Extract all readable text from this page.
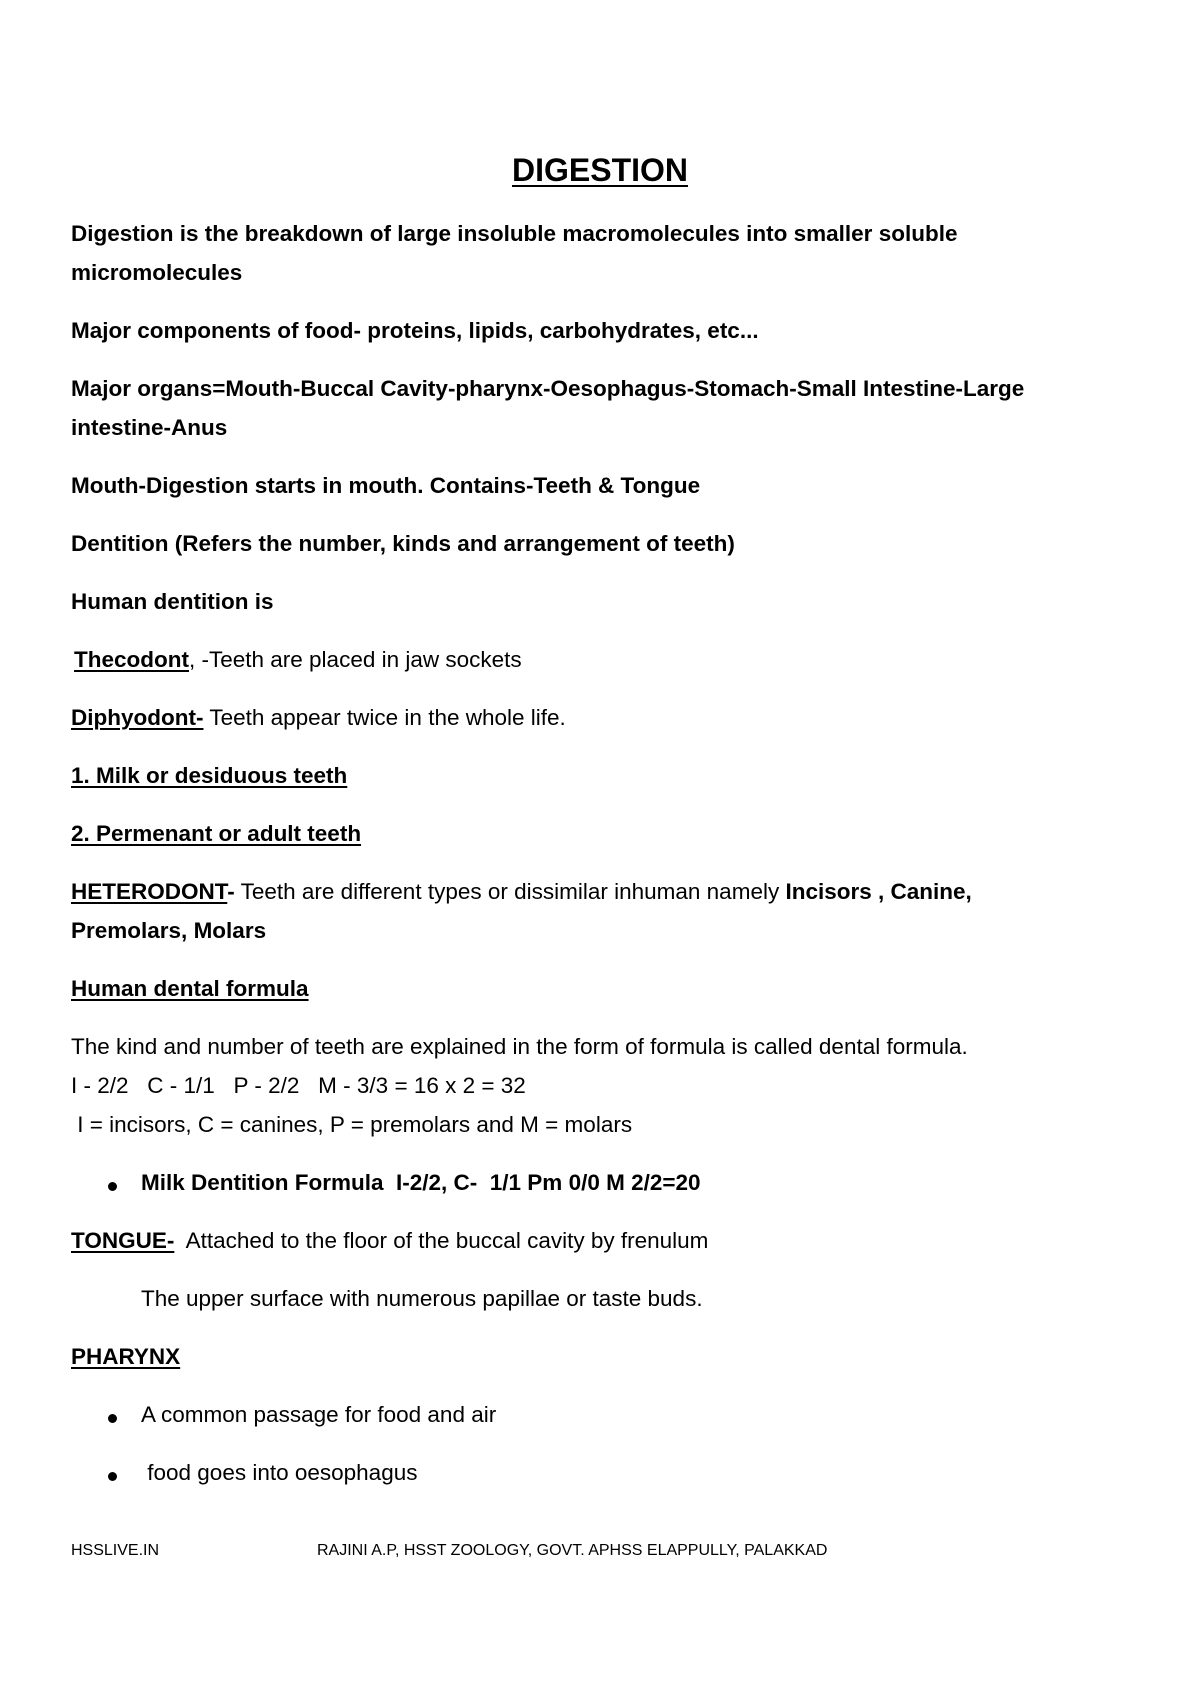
DIGESTION

Digestion is the breakdown of large insoluble macromolecules into smaller soluble

micromolecules

Major components of food- proteins, lipids, carbohydrates, etc...

Major organs=Mouth-Buccal Cavity-pharynx-Oesophagus-Stomach-Small Intestine-Large

intestine-Anus

Mouth-Digestion starts in mouth. Contains-Teeth & Tongue

Dentition (Refers the number, kinds and arrangement of teeth)

Human dentition is

Thecodont, -Teeth are placed in jaw sockets

Diphyodont- Teeth appear twice in the whole life.

1. Milk or desiduous teeth

2. Permenant or adult teeth

HETERODONT- Teeth are different types or dissimilar inhuman namely Incisors , Canine,

Premolars, Molars

Human dental formula

The kind and number of teeth are explained in the form of formula is called dental formula.

I - 2/2   C - 1/1   P - 2/2   M - 3/3 = 16 x 2 = 32

I = incisors, C = canines, P = premolars and M = molars

Milk Dentition Formula  I-2/2, C-  1/1 Pm 0/0 M 2/2=20

TONGUE-  Attached to the floor of the buccal cavity by frenulum

The upper surface with numerous papillae or taste buds.

PHARYNX

A common passage for food and air

food goes into oesophagus

HSSLIVE.IN	RAJINI A.P, HSST ZOOLOGY, GOVT. APHSS ELAPPULLY, PALAKKAD
